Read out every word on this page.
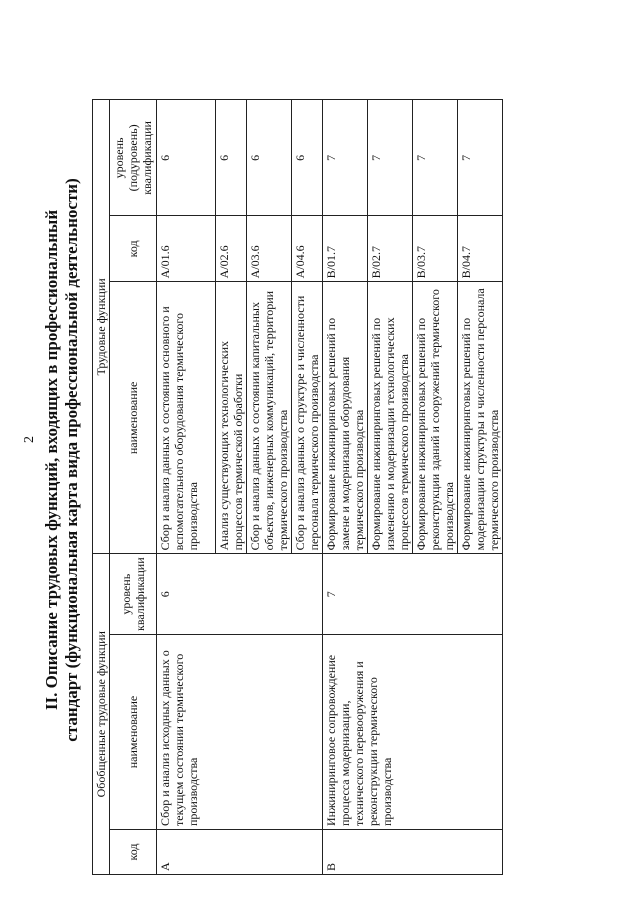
2 II. Описание трудовых функций, входящих в профессиональный стандарт (функциональная карта вида профессиональной деятельности) Обобщенные трудовые функции			Трудовые функции		
код	наименование	уровень квалификации	наименование	код	уровень (подуровень) квалификации
A	Сбор и анализ исходных данных о текущем состоянии термического производства	6	Сбор и анализ данных о состоянии основного и вспомогательного оборудования термического производства	A/01.6	6
			Анализ существующих технологических процессов термической обработки	A/02.6	6
			Сбор и анализ данных о состоянии капитальных объектов, инженерных коммуникаций, территории термического производства	A/03.6	6
			Сбор и анализ данных о структуре и численности персонала термического производства	A/04.6	6
B	Инжиниринговое сопровождение процесса модернизации, технического перевооружения и реконструкции термического производства	7	Формирование инжиниринговых решений по замене и модернизации оборудования термического производства	B/01.7	7
			Формирование инжиниринговых решений по изменению и модернизации технологических процессов термического производства	B/02.7	7
			Формирование инжиниринговых решений по реконструкции зданий и сооружений термического производства	B/03.7	7
			Формирование инжиниринговых решений по модернизации структуры и численности персонала термического производства	B/04.7	7
